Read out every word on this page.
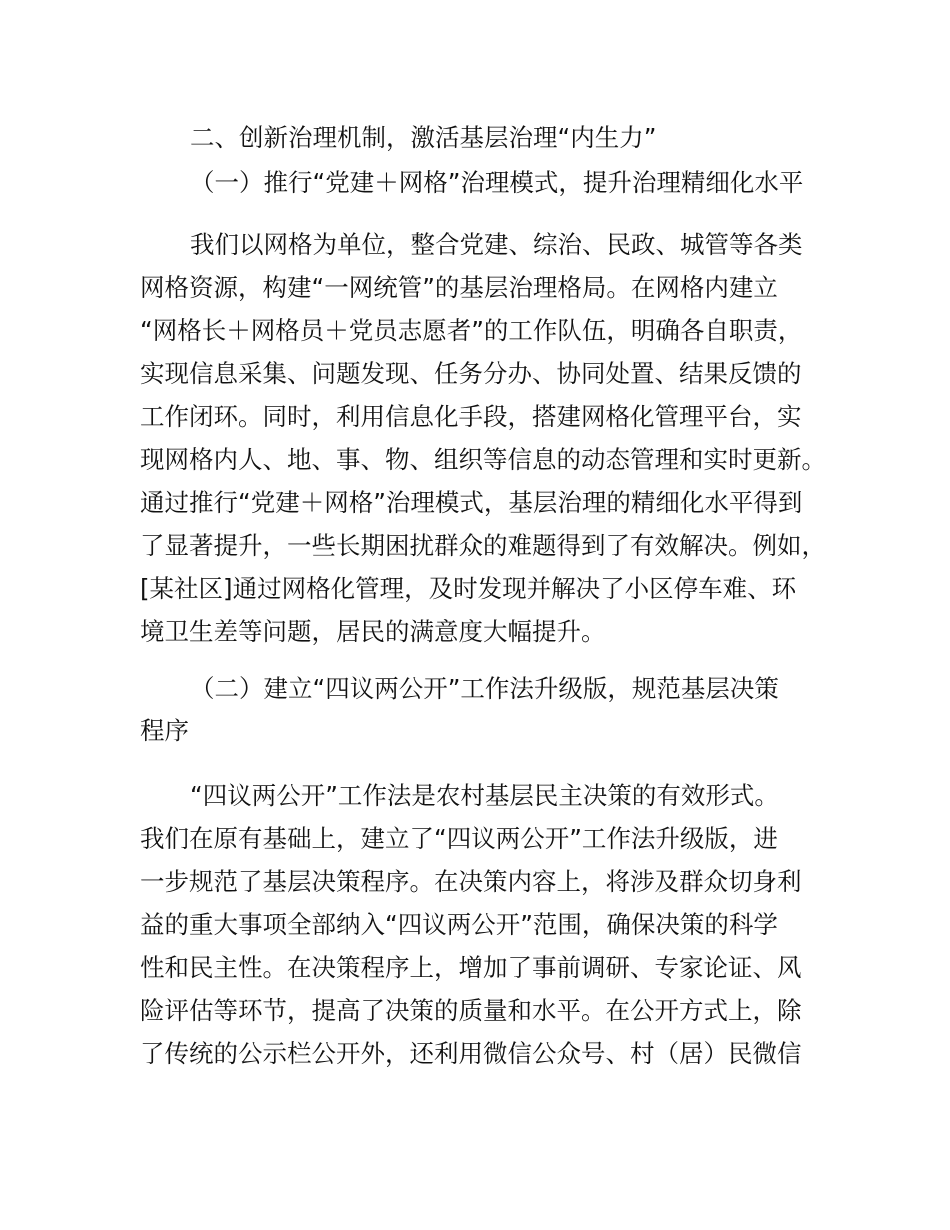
二、创新治理机制，激活基层治理“内生力”

（一）推行“党建＋网格”治理模式，提升治理精细化水平

我们以网格为单位，整合党建、综治、民政、城管等各类

网格资源，构建“一网统管”的基层治理格局。在网格内建立

“网格长＋网格员＋党员志愿者”的工作队伍，明确各自职责，

实现信息采集、问题发现、任务分办、协同处置、结果反馈的

工作闭环。同时，利用信息化手段，搭建网格化管理平台，实

现网格内人、地、事、物、组织等信息的动态管理和实时更新。

通过推行“党建＋网格”治理模式，基层治理的精细化水平得到

了显著提升，一些长期困扰群众的难题得到了有效解决。例如，

[某社区]通过网格化管理，及时发现并解决了小区停车难、环

境卫生差等问题，居民的满意度大幅提升。

（二）建立“四议两公开”工作法升级版，规范基层决策

程序

“四议两公开”工作法是农村基层民主决策的有效形式。

我们在原有基础上，建立了“四议两公开”工作法升级版，进

一步规范了基层决策程序。在决策内容上，将涉及群众切身利

益的重大事项全部纳入“四议两公开”范围，确保决策的科学

性和民主性。在决策程序上，增加了事前调研、专家论证、风

险评估等环节，提高了决策的质量和水平。在公开方式上，除

了传统的公示栏公开外，还利用微信公众号、村（居）民微信
